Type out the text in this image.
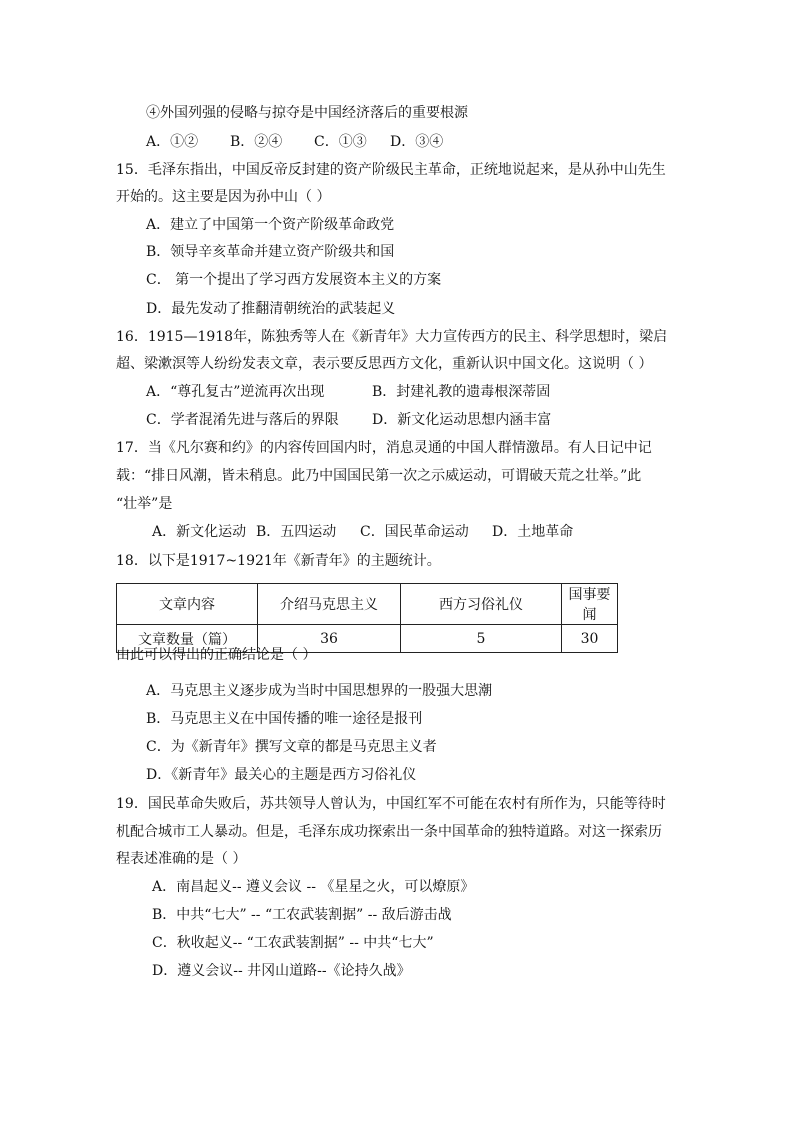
④外国列强的侵略与掠夺是中国经济落后的重要根源
A．①② B．②④ C．①③ D．③④
15．毛泽东指出，中国反帝反封建的资产阶级民主革命，正统地说起来，是从孙中山先生
开始的。这主要是因为孙中山（ ）
A．建立了中国第一个资产阶级革命政党
B．领导辛亥革命并建立资产阶级共和国
C． 第一个提出了学习西方发展资本主义的方案
D．最先发动了推翻清朝统治的武装起义
16．1915—1918年，陈独秀等人在《新青年》大力宣传西方的民主、科学思想时，梁启
超、梁漱溟等人纷纷发表文章，表示要反思西方文化，重新认识中国文化。这说明（ ）
A．“尊孔复古”逆流再次出现	B．封建礼教的遗毒根深蒂固
C．学者混淆先进与落后的界限 D．新文化运动思想内涵丰富
17．当《凡尔赛和约》的内容传回国内时，消息灵通的中国人群情激昂。有人日记中记
载：“排日风潮，皆未稍息。此乃中国国民第一次之示威运动，可谓破天荒之壮举。”此
“壮举”是
A．新文化运动 B．五四运动 C．国民革命运动 D．土地革命
18．以下是1917~1921年《新青年》的主题统计。
文章内容	介绍马克思主义	西方习俗礼仪	国事要闻
文章数量（篇）	36	5	30
由此可以得出的正确结论是（ ）
A．马克思主义逐步成为当时中国思想界的一股强大思潮
B．马克思主义在中国传播的唯一途径是报刊
C．为《新青年》撰写文章的都是马克思主义者
D．《新青年》最关心的主题是西方习俗礼仪
19．国民革命失败后，苏共领导人曾认为，中国红军不可能在农村有所作为，只能等待时
机配合城市工人暴动。但是，毛泽东成功探索出一条中国革命的独特道路。对这一探索历
程表述准确的是（ ）
A．南昌起义-- 遵义会议 -- 《星星之火，可以燎原》
B．中共“七大” -- “工农武装割据” -- 敌后游击战
C．秋收起义-- “工农武装割据” -- 中共“七大”
D．遵义会议-- 井冈山道路--《论持久战》
